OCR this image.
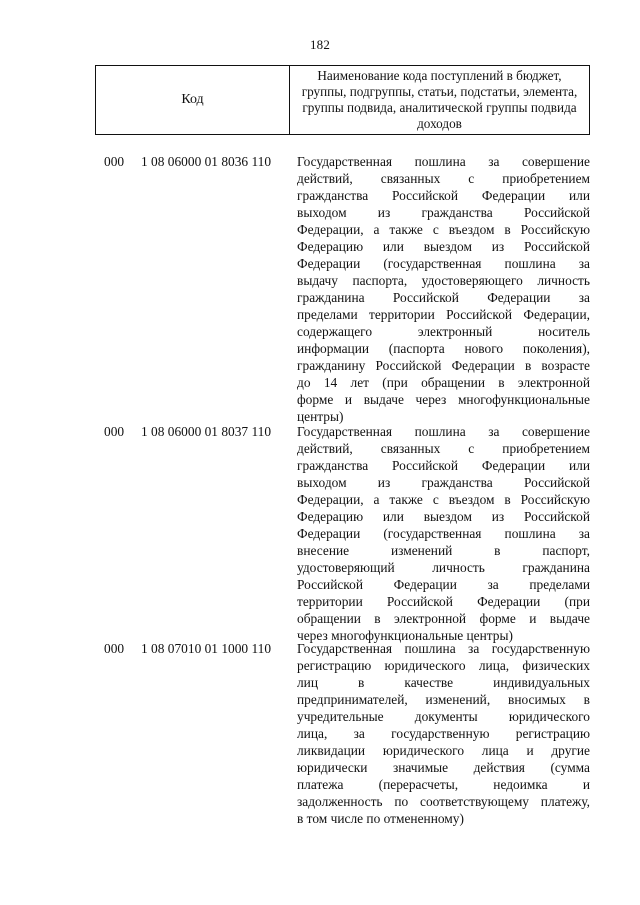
182
Код
Наименование кода поступлений в бюджет, группы, подгруппы, статьи, подстатьи, элемента, группы подвида, аналитической группы подвида доходов
000 1 08 06000 01 8036 110 Государственная пошлина за совершение
действий, связанных с приобретением
гражданства Российской Федерации или
выходом из гражданства Российской
Федерации, а также с въездом в Российскую
Федерацию или выездом из Российской
Федерации (государственная пошлина за
выдачу паспорта, удостоверяющего личность
гражданина Российской Федерации за
пределами территории Российской Федерации,
содержащего электронный носитель
информации (паспорта нового поколения),
гражданину Российской Федерации в возрасте
до 14 лет (при обращении в электронной
форме и выдаче через многофункциональные
центры)
000 1 08 06000 01 8037 110 Государственная пошлина за совершение
действий, связанных с приобретением
гражданства Российской Федерации или
выходом из гражданства Российской
Федерации, а также с въездом в Российскую
Федерацию или выездом из Российской
Федерации (государственная пошлина за
внесение изменений в паспорт,
удостоверяющий личность гражданина
Российской Федерации за пределами
территории Российской Федерации (при
обращении в электронной форме и выдаче
через многофункциональные центры)
000 1 08 07010 01 1000 110 Государственная пошлина за государственную
регистрацию юридического лица, физических
лиц в качестве индивидуальных
предпринимателей, изменений, вносимых в
учредительные документы юридического
лица, за государственную регистрацию
ликвидации юридического лица и другие
юридически значимые действия (сумма
платежа (перерасчеты, недоимка и
задолженность по соответствующему платежу,
в том числе по отмененному)
